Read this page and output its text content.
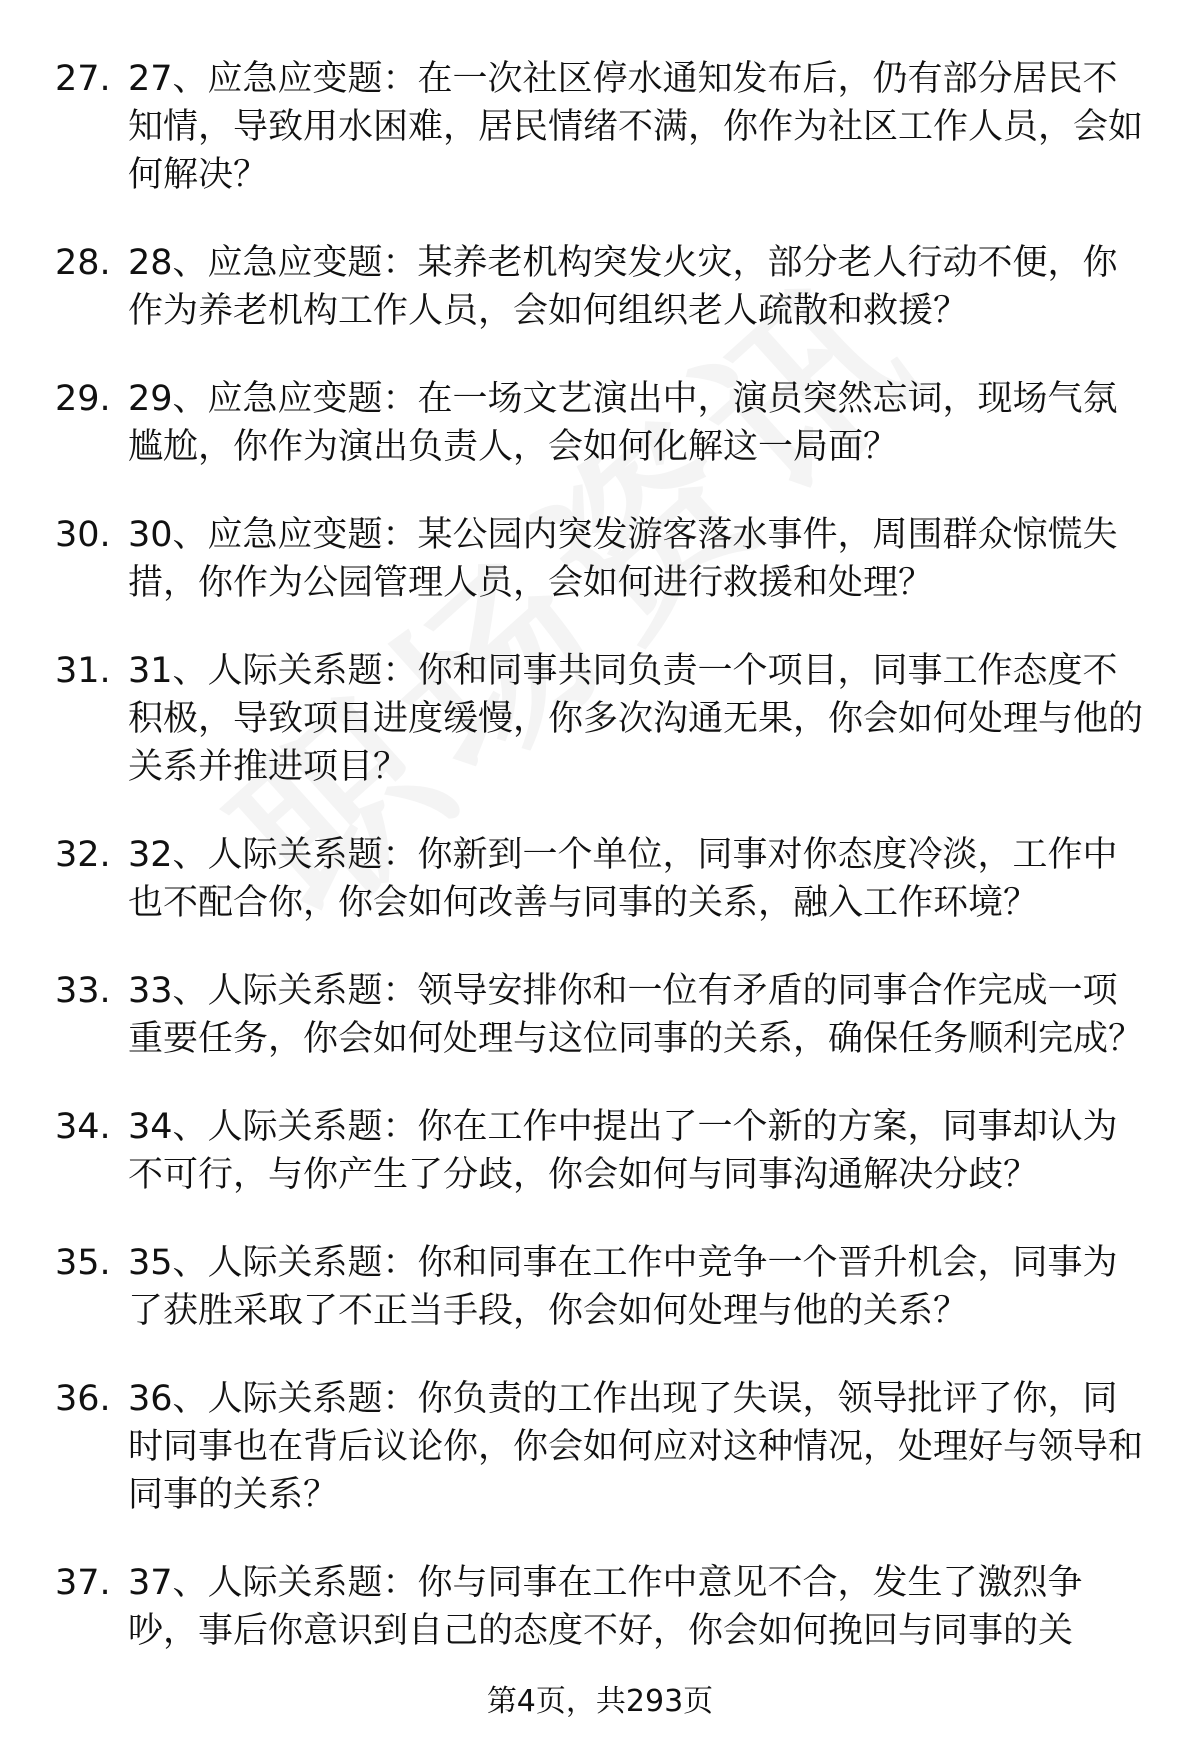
27. 27、应急应变题：在一次社区停水通知发布后，仍有部分居民不知情，导致用水困难，居民情绪不满，你作为社区工作人员，会如何解决？
28. 28、应急应变题：某养老机构突发火灾，部分老人行动不便，你作为养老机构工作人员，会如何组织老人疏散和救援？
29. 29、应急应变题：在一场文艺演出中，演员突然忘词，现场气氛尴尬，你作为演出负责人，会如何化解这一局面？
30. 30、应急应变题：某公园内突发游客落水事件，周围群众惊慌失措，你作为公园管理人员，会如何进行救援和处理？
31. 31、人际关系题：你和同事共同负责一个项目，同事工作态度不积极，导致项目进度缓慢，你多次沟通无果，你会如何处理与他的关系并推进项目？
32. 32、人际关系题：你新到一个单位，同事对你态度冷淡，工作中也不配合你，你会如何改善与同事的关系，融入工作环境？
33. 33、人际关系题：领导安排你和一位有矛盾的同事合作完成一项重要任务，你会如何处理与这位同事的关系，确保任务顺利完成？
34. 34、人际关系题：你在工作中提出了一个新的方案，同事却认为不可行，与你产生了分歧，你会如何与同事沟通解决分歧？
35. 35、人际关系题：你和同事在工作中竞争一个晋升机会，同事为了获胜采取了不正当手段，你会如何处理与他的关系？
36. 36、人际关系题：你负责的工作出现了失误，领导批评了你，同时同事也在背后议论你，你会如何应对这种情况，处理好与领导和同事的关系？
37. 37、人际关系题：你与同事在工作中意见不合，发生了激烈争吵，事后你意识到自己的态度不好，你会如何挽回与同事的关
第4页，共293页
